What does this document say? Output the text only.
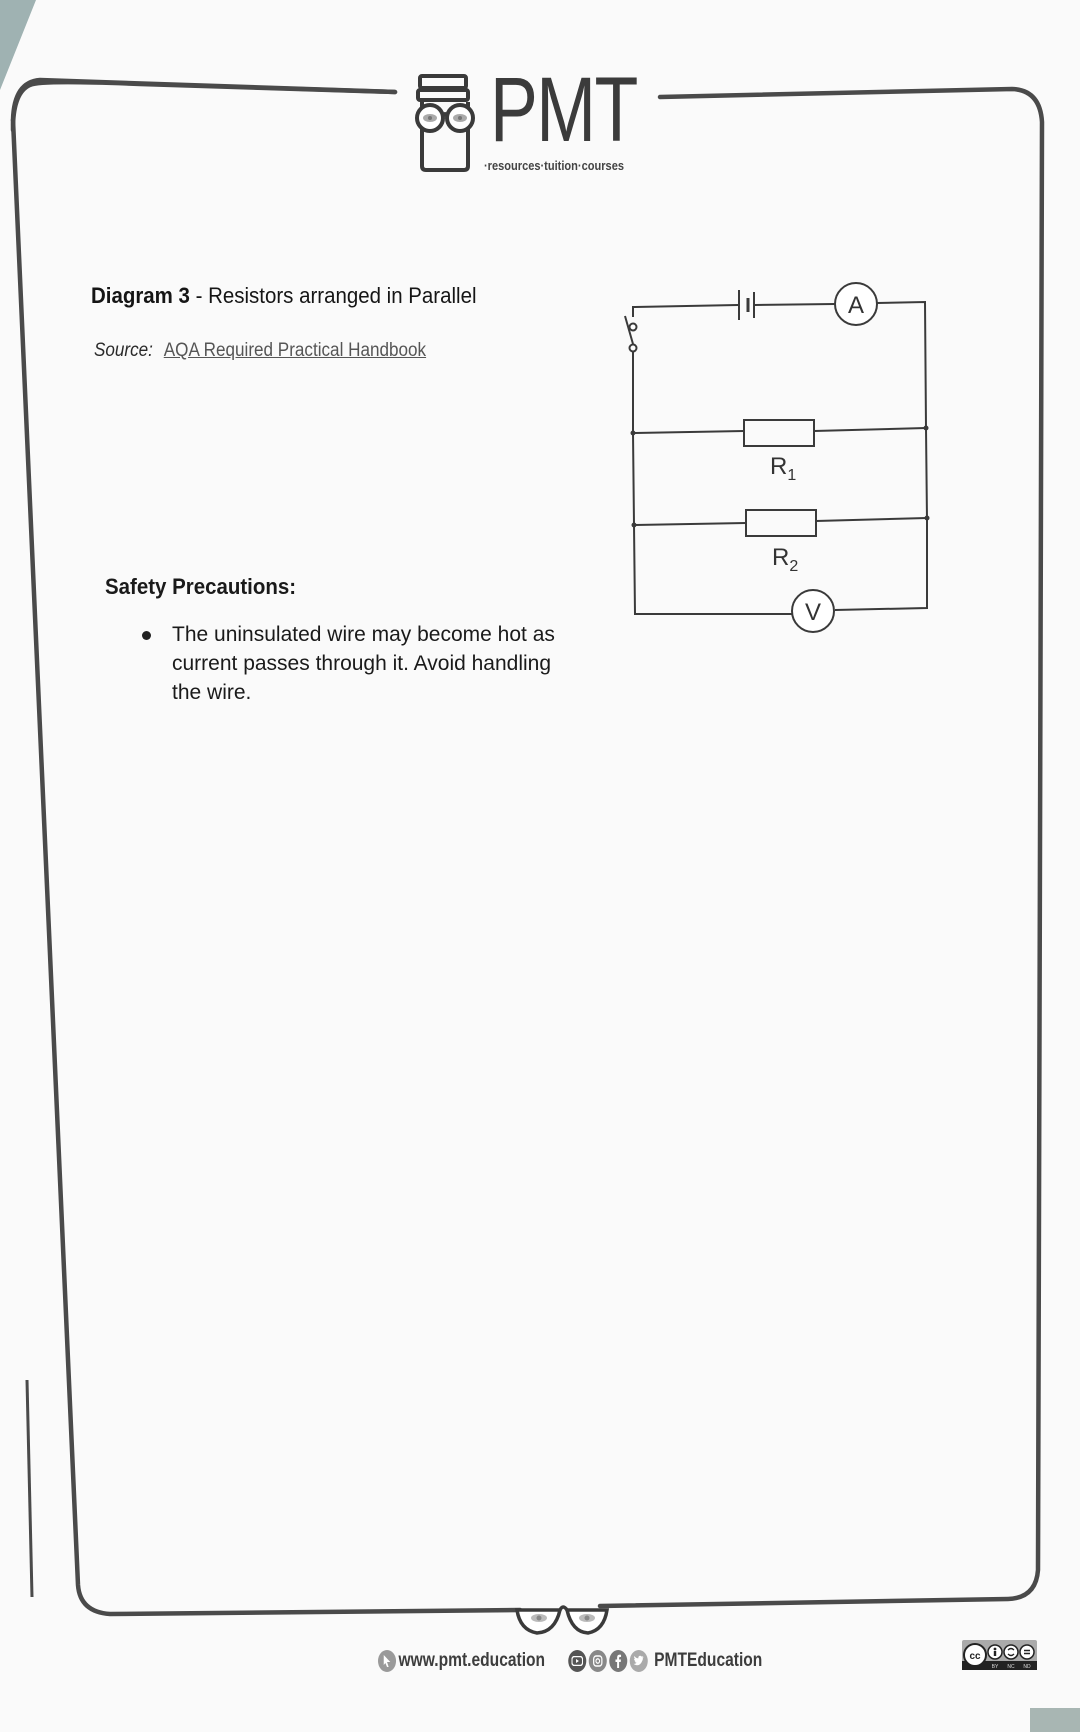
PMT
·resources·tuition·courses
Diagram 3 - Resistors arranged in Parallel
Source: AQA Required Practical Handbook
A
V
$R_1$
$R_2$
Safety Precautions:
The uninsulated wire may become hot as current passes through it. Avoid handling the wire.
www.pmt.education	PMTEducation	cc
BY NC ND
